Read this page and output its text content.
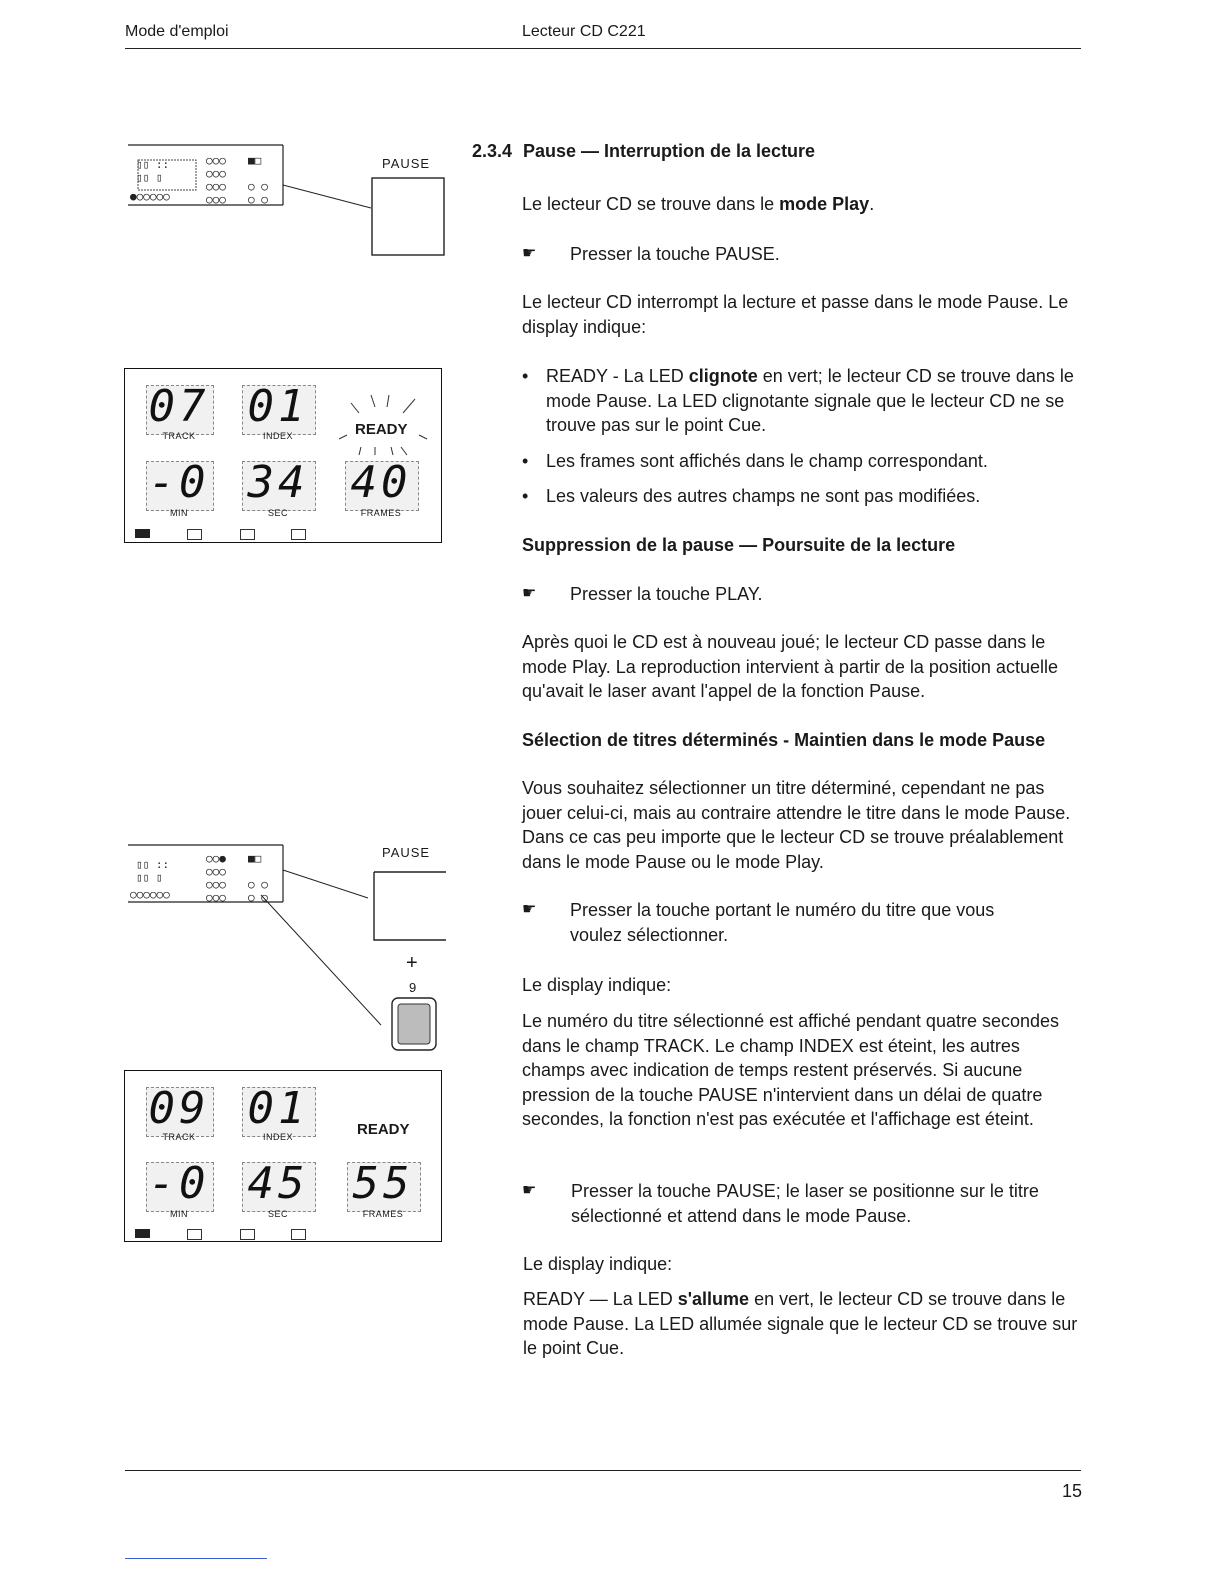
Mode d'emploi	Lecteur CD C221
▯▯ ::
▯▯ ▯
●○○○○○
○○○
○○○
○○○
○○○
■□

○ ○
○ ○
PAUSE
07
TRACK
01
INDEX	READY
-0
MIN
34
SEC
40
FRAMES
▯▯ ::
▯▯ ▯
○○○○○○
○○●
○○○
○○○
○○○
■□

○ ○
○ ○
PAUSE
+
9
09
TRACK
01
INDEX	READY
-0
MIN
45
SEC
55
FRAMES
2.3.4 Pause — Interruption de la lecture
Le lecteur CD se trouve dans le mode Play.
☛	Presser la touche PAUSE.
Le lecteur CD interrompt la lecture et passe dans le mode Pause. Le display indique:
• READY - La LED clignote en vert; le lecteur CD se trouve dans le mode Pause. La LED clignotante signale que le lecteur CD ne se trouve pas sur le point Cue.
• Les frames sont affichés dans le champ correspondant.
• Les valeurs des autres champs ne sont pas modifiées.
Suppression de la pause — Poursuite de la lecture
☛	Presser la touche PLAY.
Après quoi le CD est à nouveau joué; le lecteur CD passe dans le mode Play. La reproduction intervient à partir de la position actuelle qu'avait le laser avant l'appel de la fonction Pause.
Sélection de titres déterminés - Maintien dans le mode Pause
Vous souhaitez sélectionner un titre déterminé, cependant ne pas jouer celui-ci, mais au contraire attendre le titre dans le mode Pause. Dans ce cas peu importe que le lecteur CD se trouve préalablement dans le mode Pause ou le mode Play.
☛	Presser la touche portant le numéro du titre que vous voulez sélectionner.
Le display indique:
Le numéro du titre sélectionné est affiché pendant quatre secondes dans le champ TRACK. Le champ INDEX est éteint, les autres champs avec indication de temps restent préservés. Si aucune pression de la touche PAUSE n'intervient dans un délai de quatre secondes, la fonction n'est pas exécutée et l'affichage est éteint.
☛	Presser la touche PAUSE; le laser se positionne sur le titre sélectionné et attend dans le mode Pause.
Le display indique:
READY — La LED s'allume en vert, le lecteur CD se trouve dans le mode Pause. La LED allumée signale que le lecteur CD se trouve sur le point Cue.
15
